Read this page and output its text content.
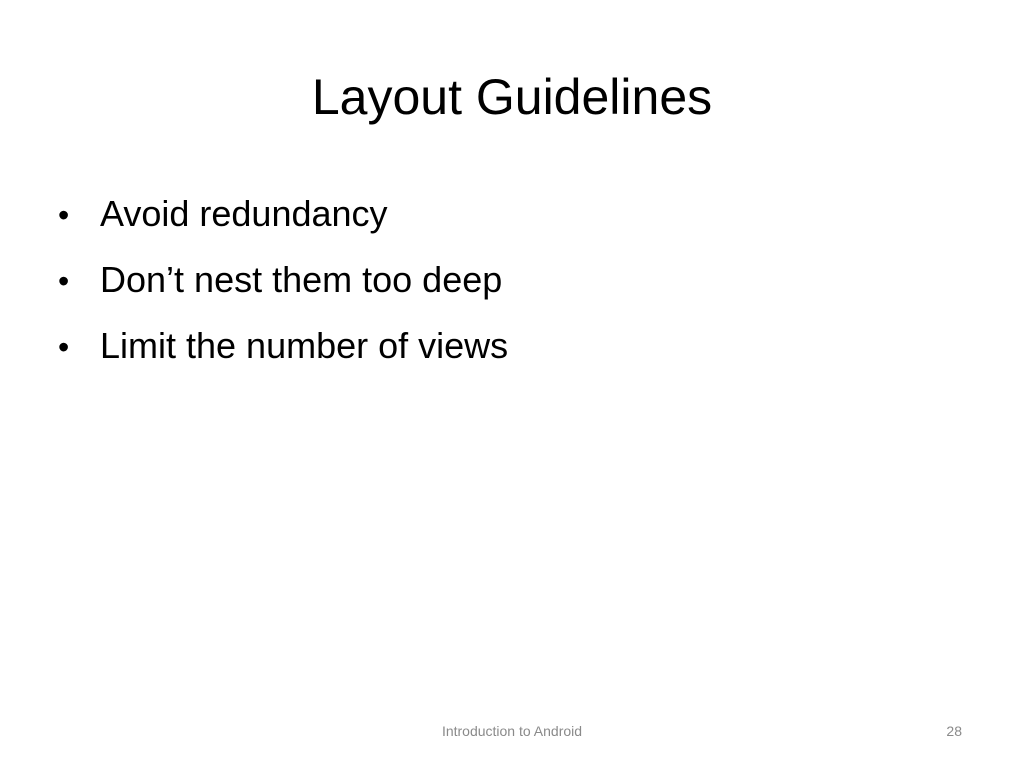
Layout Guidelines
• Avoid redundancy
• Don’t nest them too deep
• Limit the number of views
Introduction to Android	28
